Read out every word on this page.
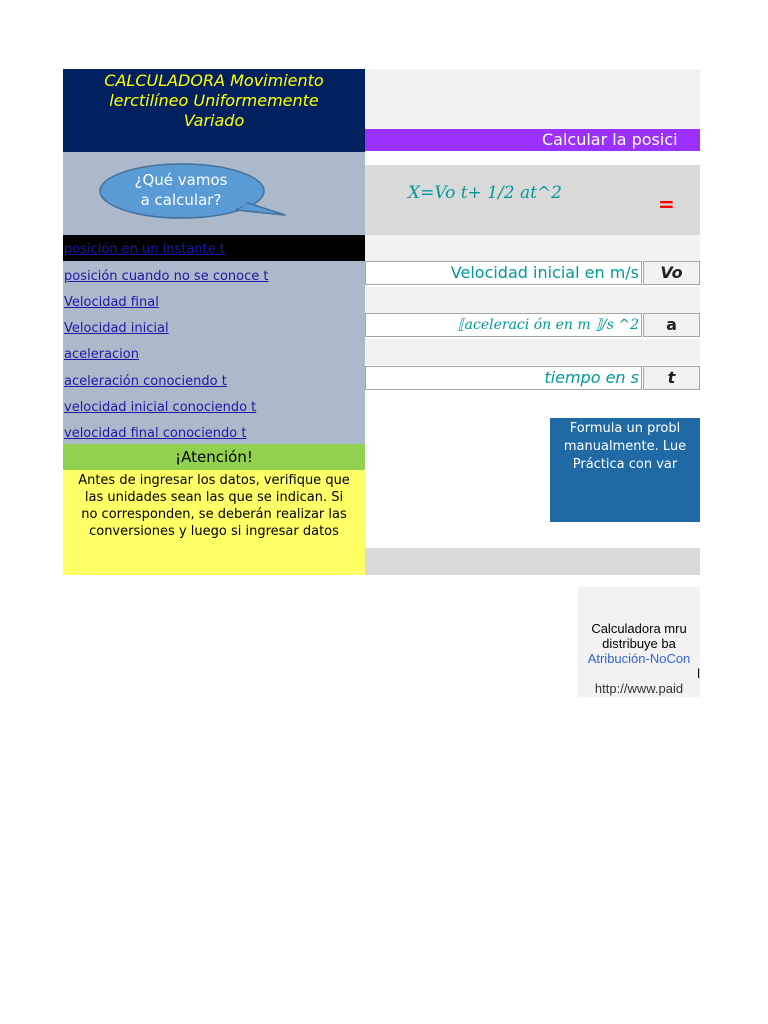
CALCULADORA Movimiento
lerctilíneo Uniformemente
Variado
¿Qué vamos
a calcular?
posición en un instante t
posición cuando no se conoce t
Velocidad final
Velocidad inicial
aceleracion
aceleración conociendo t
velocidad inicial conociendo t
velocidad final conociendo t
¡Atención!
Antes de ingresar los datos, verifique que
las unidades sean las que se indican. Si
no corresponden, se deberán realizar las
conversiones y luego si ingresar datos
Calcular la posici
X=Vo t+ 1/2 at^2	=
Velocidad inicial en m/s	Vo
⟦aceleraci ón en m ⟧/s ^2	a
tiempo en s	t
Formula un probl
manualmente. Lue
Práctica con var
Calculadora mru
distribuye ba
Atribución-NoCon
l
http://www.paid
